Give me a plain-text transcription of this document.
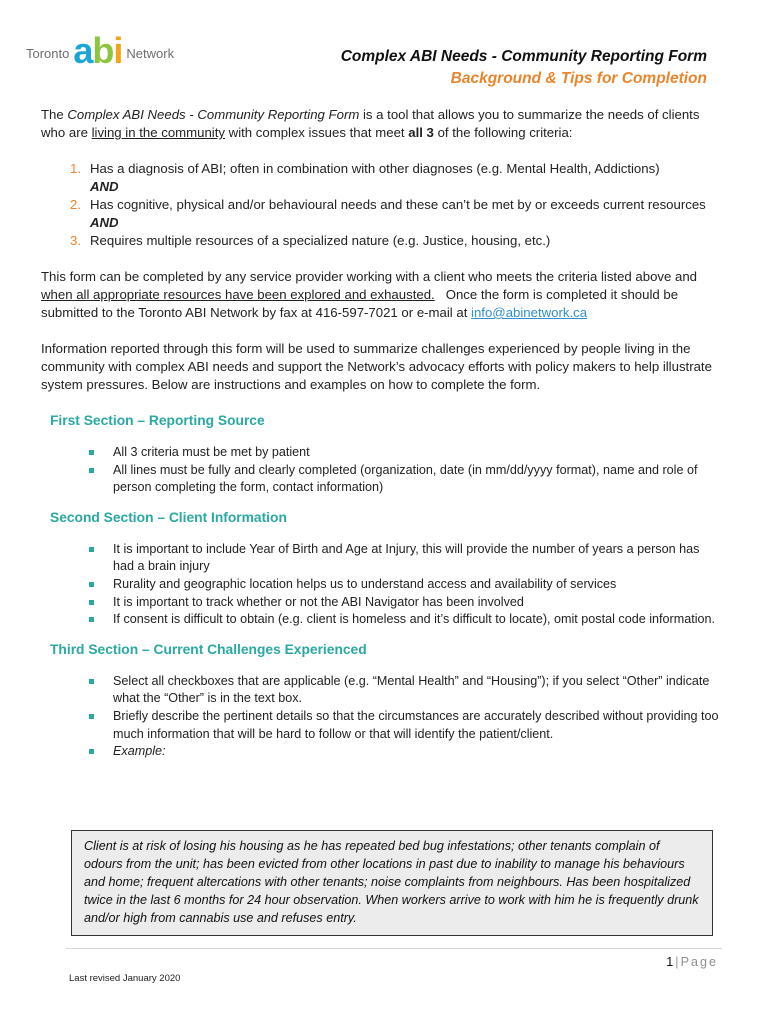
Toronto abi Network	Complex ABI Needs - Community Reporting Form
Background & Tips for Completion

The Complex ABI Needs - Community Reporting Form is a tool that allows you to summarize the needs of clients who are living in the community with complex issues that meet all 3 of the following criteria:

1. Has a diagnosis of ABI; often in combination with other diagnoses (e.g. Mental Health, Addictions)
AND
2. Has cognitive, physical and/or behavioural needs and these can’t be met by or exceeds current resources AND
3. Requires multiple resources of a specialized nature (e.g. Justice, housing, etc.)

This form can be completed by any service provider working with a client who meets the criteria listed above and when all appropriate resources have been explored and exhausted.   Once the form is completed it should be submitted to the Toronto ABI Network by fax at 416-597-7021 or e-mail at info@abinetwork.ca

Information reported through this form will be used to summarize challenges experienced by people living in the community with complex ABI needs and support the Network’s advocacy efforts with policy makers to help illustrate system pressures. Below are instructions and examples on how to complete the form.

First Section – Reporting Source
All 3 criteria must be met by patient
All lines must be fully and clearly completed (organization, date (in mm/dd/yyyy format), name and role of person completing the form, contact information)
Second Section – Client Information
It is important to include Year of Birth and Age at Injury, this will provide the number of years a person has had a brain injury
Rurality and geographic location helps us to understand access and availability of services
It is important to track whether or not the ABI Navigator has been involved
If consent is difficult to obtain (e.g. client is homeless and it’s difficult to locate), omit postal code information.
Third Section – Current Challenges Experienced
Select all checkboxes that are applicable (e.g. “Mental Health” and “Housing”); if you select “Other” indicate what the “Other” is in the text box.
Briefly describe the pertinent details so that the circumstances are accurately described without providing too much information that will be hard to follow or that will identify the patient/client.
Example:
Client is at risk of losing his housing as he has repeated bed bug infestations; other tenants complain of odours from the unit; has been evicted from other locations in past due to inability to manage his behaviours and home; frequent altercations with other tenants; noise complaints from neighbours. Has been hospitalized twice in the last 6 months for 24 hour observation. When workers arrive to work with him he is frequently drunk and/or high from cannabis use and refuses entry.
1 | Page
Last revised January 2020
